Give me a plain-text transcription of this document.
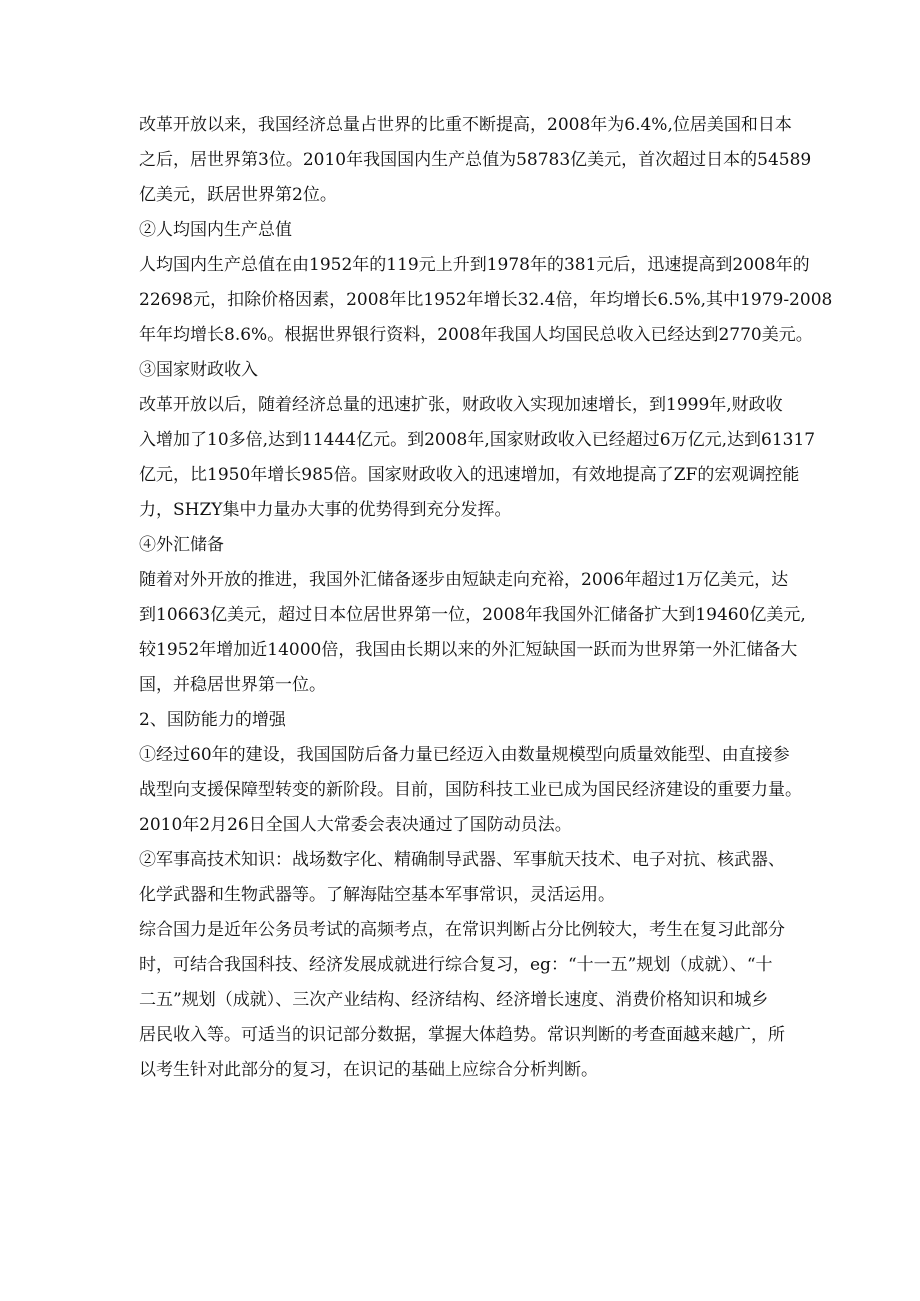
改革开放以来，我国经济总量占世界的比重不断提高，2008年为6.4%,位居美国和日本
之后，居世界第3位。2010年我国国内生产总值为58783亿美元，首次超过日本的54589
亿美元，跃居世界第2位。
②人均国内生产总值
人均国内生产总值在由1952年的119元上升到1978年的381元后，迅速提高到2008年的
22698元，扣除价格因素，2008年比1952年增长32.4倍，年均增长6.5%,其中1979-2008
年年均增长8.6%。根据世界银行资料，2008年我国人均国民总收入已经达到2770美元。
③国家财政收入
改革开放以后，随着经济总量的迅速扩张，财政收入实现加速增长，到1999年,财政收
入增加了10多倍,达到11444亿元。到2008年,国家财政收入已经超过6万亿元,达到61317
亿元，比1950年增长985倍。国家财政收入的迅速增加，有效地提高了ZF的宏观调控能
力，SHZY集中力量办大事的优势得到充分发挥。
④外汇储备
随着对外开放的推进，我国外汇储备逐步由短缺走向充裕，2006年超过1万亿美元，达
到10663亿美元，超过日本位居世界第一位，2008年我国外汇储备扩大到19460亿美元,
较1952年增加近14000倍，我国由长期以来的外汇短缺国一跃而为世界第一外汇储备大
国，并稳居世界第一位。
2、国防能力的增强
①经过60年的建设，我国国防后备力量已经迈入由数量规模型向质量效能型、由直接参
战型向支援保障型转变的新阶段。目前，国防科技工业已成为国民经济建设的重要力量。
2010年2月26日全国人大常委会表决通过了国防动员法。
②军事高技术知识：战场数字化、精确制导武器、军事航天技术、电子对抗、核武器、
化学武器和生物武器等。了解海陆空基本军事常识，灵活运用。
综合国力是近年公务员考试的高频考点，在常识判断占分比例较大，考生在复习此部分
时，可结合我国科技、经济发展成就进行综合复习，eg：“十一五”规划（成就）、“十
二五”规划（成就）、三次产业结构、经济结构、经济增长速度、消费价格知识和城乡
居民收入等。可适当的识记部分数据，掌握大体趋势。常识判断的考查面越来越广，所
以考生针对此部分的复习，在识记的基础上应综合分析判断。
